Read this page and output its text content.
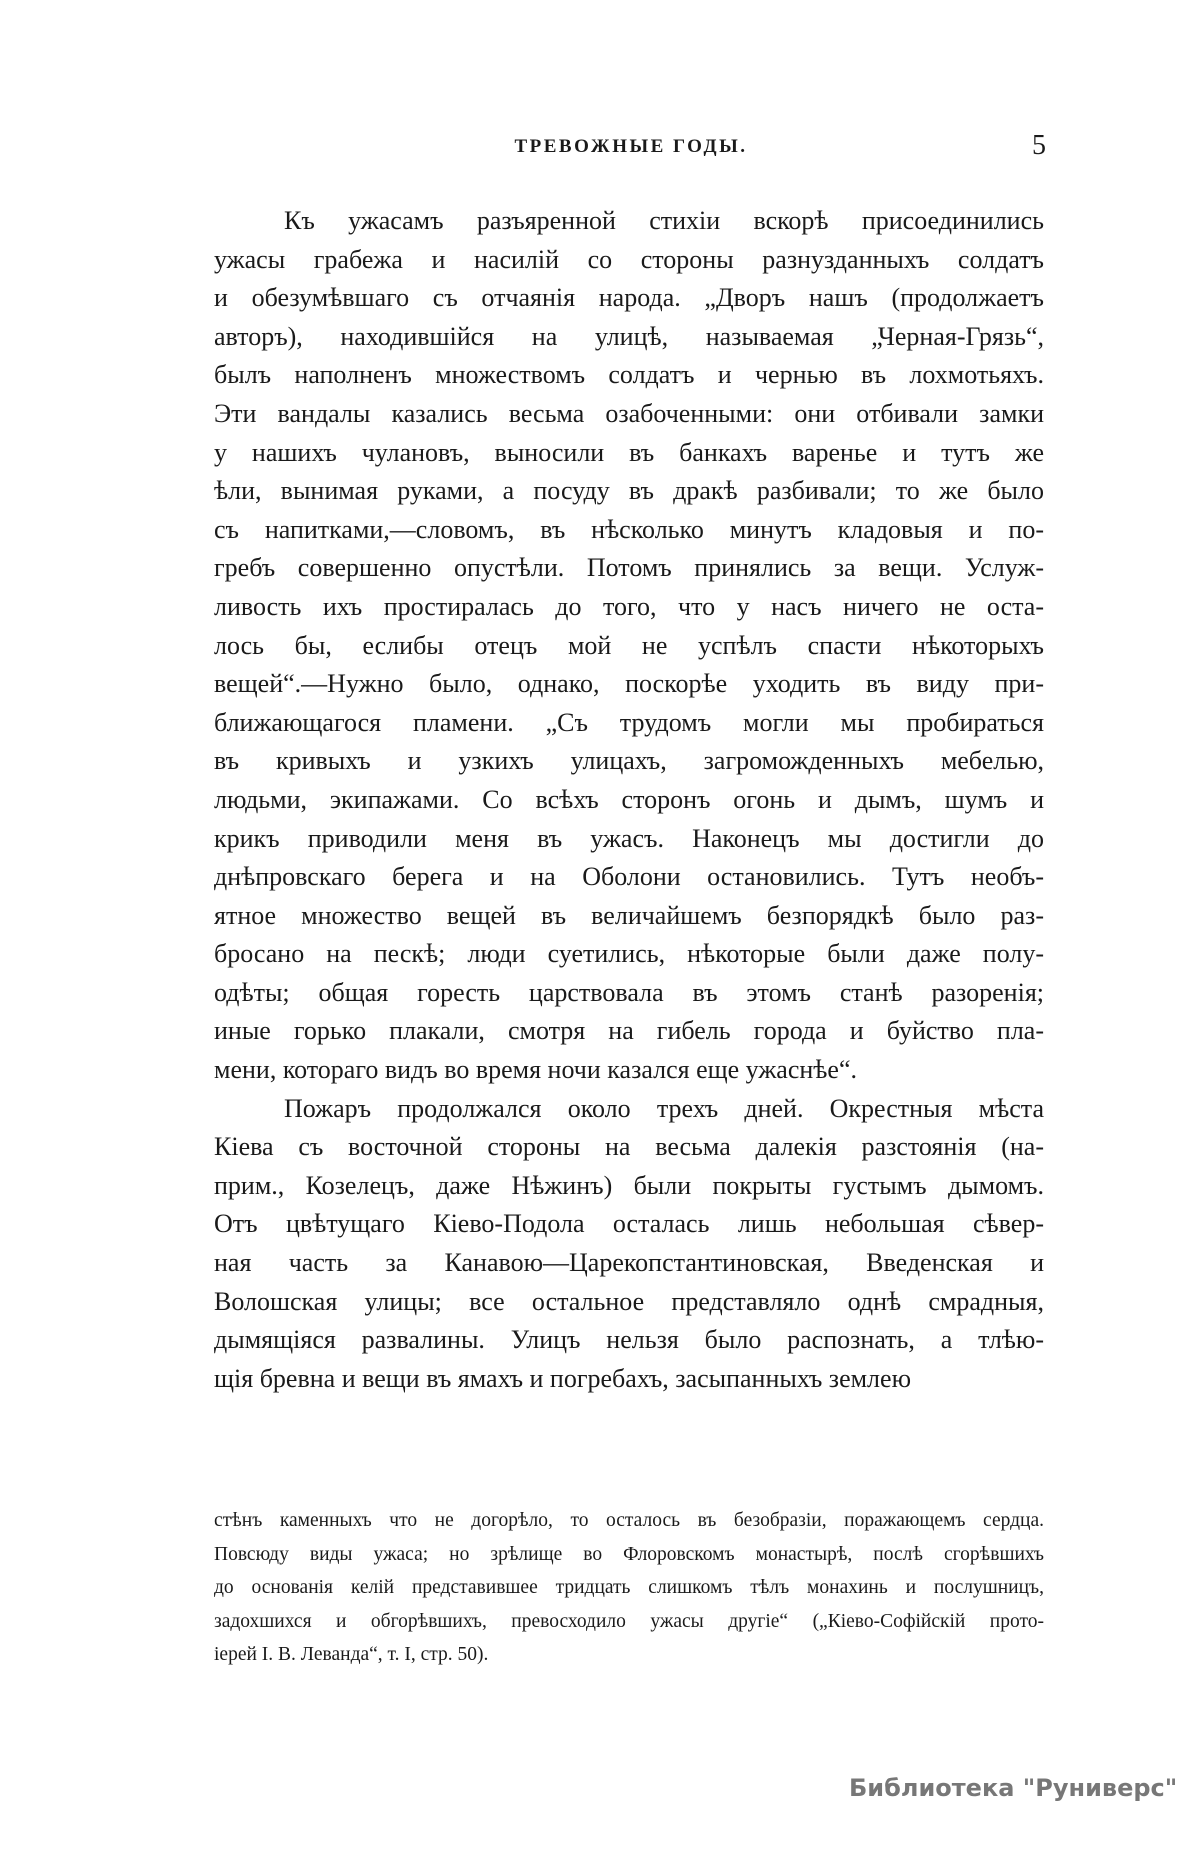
ТРЕВОЖНЫЕ ГОДЫ.	5
Къ ужасамъ разъяренной стихіи вскорѣ присоединились
ужасы грабежа и насилій со стороны разнузданныхъ солдатъ
и обезумѣвшаго съ отчаянія народа. „Дворъ нашъ (продолжаетъ
авторъ), находившійся на улицѣ, называемая „Черная-Грязь“,
былъ наполненъ множествомъ солдатъ и чернью въ лохмотьяхъ.
Эти вандалы казались весьма озабоченными: они отбивали замки
у нашихъ чулановъ, выносили въ банкахъ варенье и тутъ же
ѣли, вынимая руками, а посуду въ дракѣ разбивали; то же было
съ напитками,—словомъ, въ нѣсколько минутъ кладовыя и по-
гребъ совершенно опустѣли. Потомъ принялись за вещи. Услуж-
ливость ихъ простиралась до того, что у насъ ничего не оста-
лось бы, еслибы отецъ мой не успѣлъ спасти нѣкоторыхъ
вещей“.—Нужно было, однако, поскорѣе уходить въ виду при-
ближающагося пламени. „Съ трудомъ могли мы пробираться
въ кривыхъ и узкихъ улицахъ, загроможденныхъ мебелью,
людьми, экипажами. Со всѣхъ сторонъ огонь и дымъ, шумъ и
крикъ приводили меня въ ужасъ. Наконецъ мы достигли до
днѣпровскаго берега и на Оболони остановились. Тутъ необъ-
ятное множество вещей въ величайшемъ безпорядкѣ было раз-
бросано на пескѣ; люди суетились, нѣкоторые были даже полу-
одѣты; общая горесть царствовала въ этомъ станѣ разоренія;
иные горько плакали, смотря на гибель города и буйство пла-
мени, котораго видъ во время ночи казался еще ужаснѣе“.
Пожаръ продолжался около трехъ дней. Окрестныя мѣста
Кіева съ восточной стороны на весьма далекія разстоянія (на-
прим., Козелецъ, даже Нѣжинъ) были покрыты густымъ дымомъ.
Отъ цвѣтущаго Кіево-Подола осталась лишь небольшая сѣвер-
ная часть за Канавою—Царекопстантиновская, Введенская и
Волошская улицы; все остальное представляло однѣ смрадныя,
дымящіяся развалины. Улицъ нельзя было распознать, а тлѣю-
щія бревна и вещи въ ямахъ и погребахъ, засыпанныхъ землею
стѣнъ каменныхъ что не догорѣло, то осталось въ безобразіи, поражающемъ сердца.
Повсюду виды ужаса; но зрѣлище во Флоровскомъ монастырѣ, послѣ сгорѣвшихъ
до основанія келій представившее тридцать слишкомъ тѣлъ монахинь и послушницъ,
задохшихся и обгорѣвшихъ, превосходило ужасы другіе“ („Кіево-Софійскій прото-
іерей І. В. Леванда“, т. I, стр. 50).
Библиотека "Руниверс"
